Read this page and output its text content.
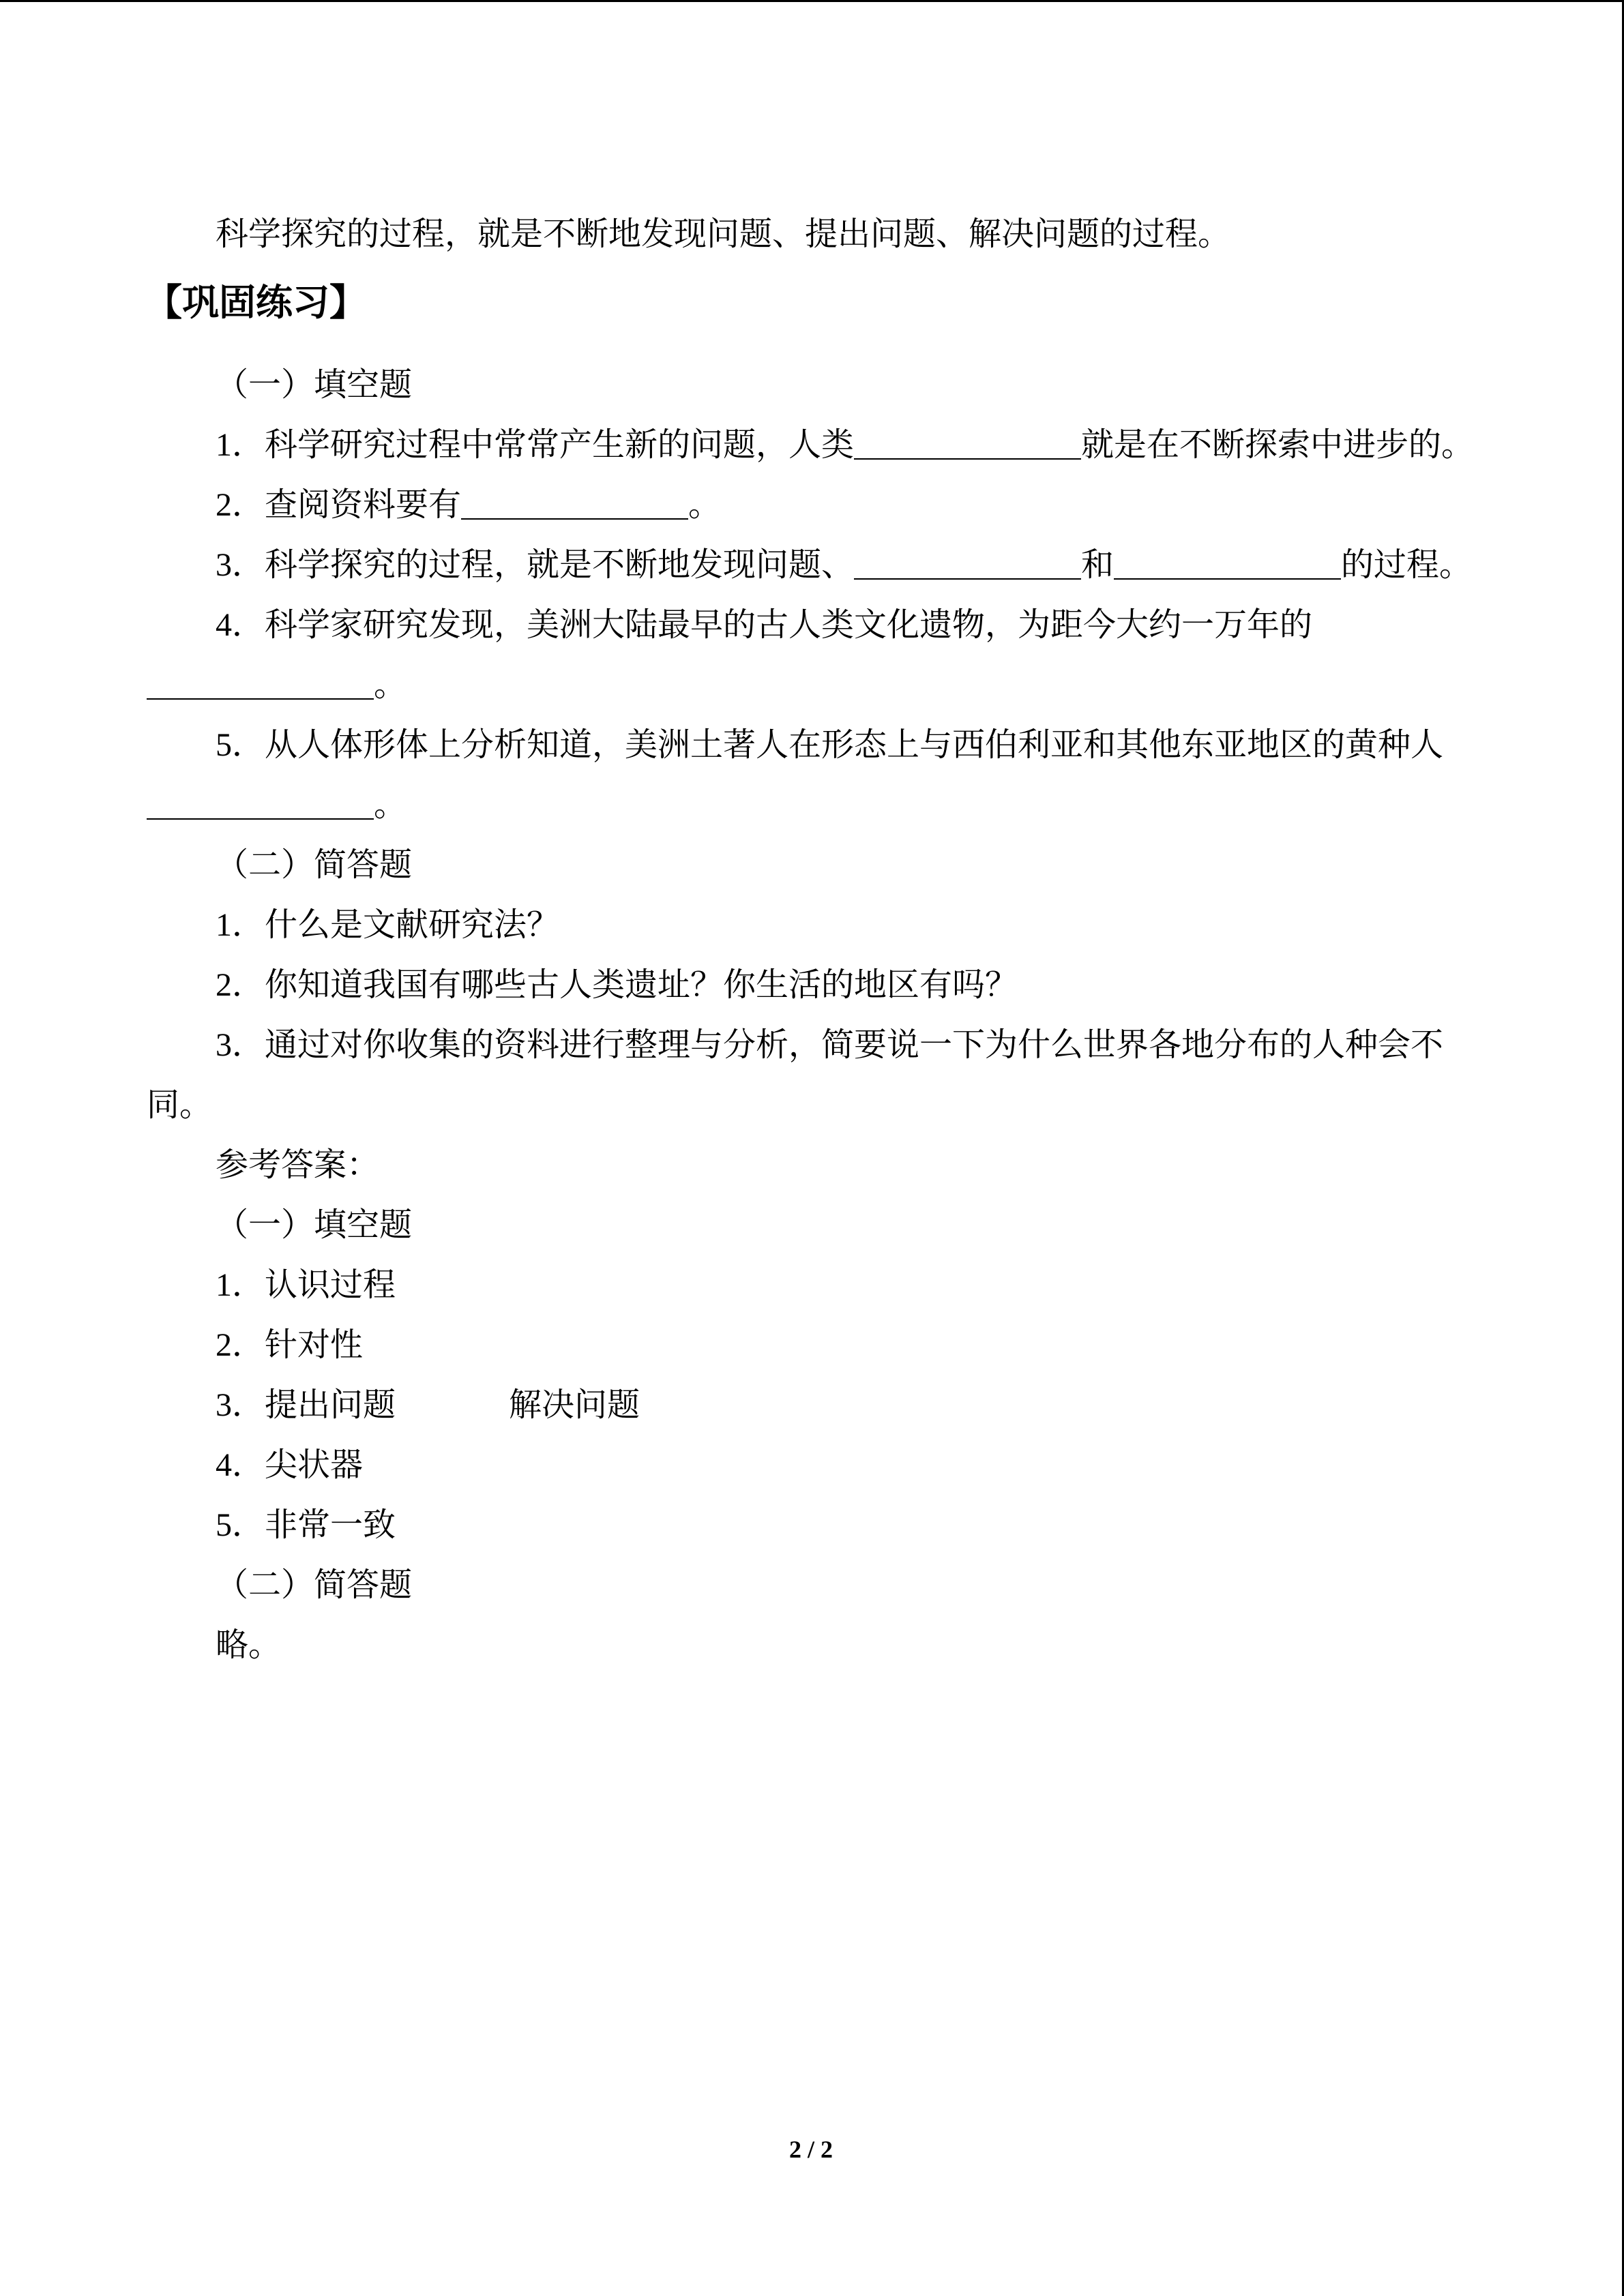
科学探究的过程，就是不断地发现问题、提出问题、解决问题的过程。
【巩固练习】
（一）填空题
1．科学研究过程中常常产生新的问题，人类	就是在不断探索中进步的。
2．查阅资料要有	。
3．科学探究的过程，就是不断地发现问题、	和	的过程。
4．科学家研究发现，美洲大陆最早的古人类文化遗物，为距今大约一万年的
。
5．从人体形体上分析知道，美洲土著人在形态上与西伯利亚和其他东亚地区的黄种人
。
（二）简答题
1．什么是文献研究法？
2．你知道我国有哪些古人类遗址？你生活的地区有吗？
3．通过对你收集的资料进行整理与分析，简要说一下为什么世界各地分布的人种会不
同。
参考答案：
（一）填空题
1．认识过程
2．针对性
3．提出问题	解决问题
4．尖状器
5．非常一致
（二）简答题
略。
2 / 2
